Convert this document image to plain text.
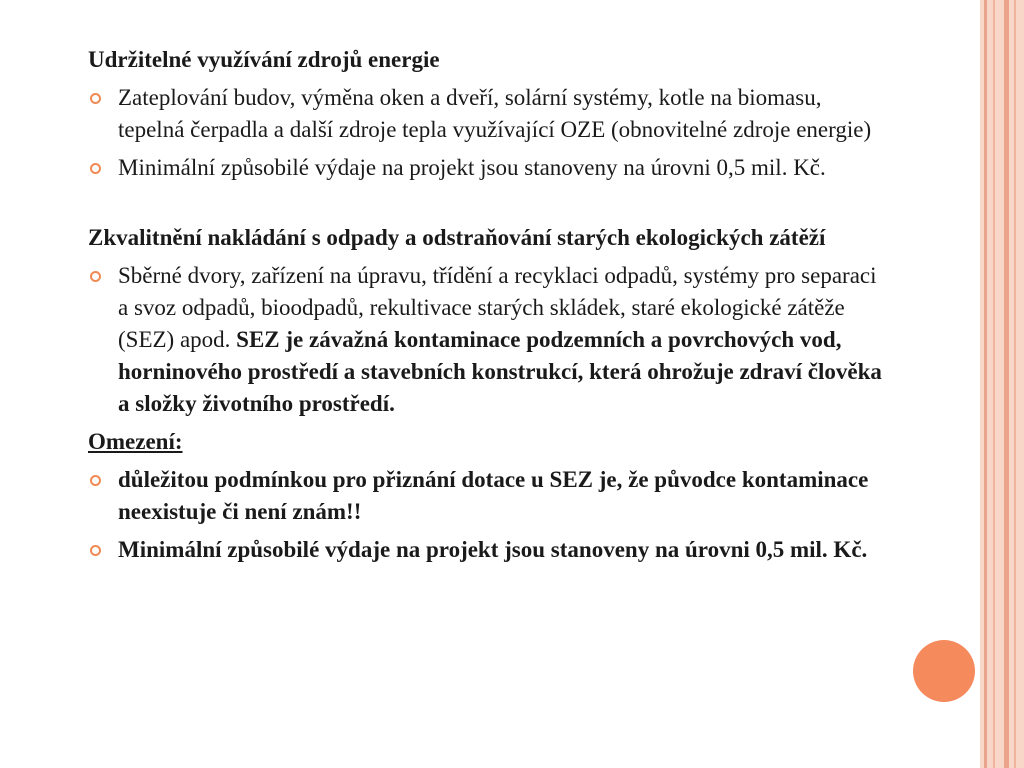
Udržitelné využívání zdrojů energie

Zateplování budov, výměna oken a dveří, solární systémy, kotle na biomasu, tepelná čerpadla a další zdroje tepla využívající OZE (obnovitelné zdroje energie)

Minimální způsobilé výdaje na projekt jsou stanoveny na úrovni 0,5 mil. Kč.

Zkvalitnění nakládání s odpady a odstraňování starých ekologických zátěží

Sběrné dvory, zařízení na úpravu, třídění a recyklaci odpadů, systémy pro separaci a svoz odpadů, bioodpadů, rekultivace starých skládek, staré ekologické zátěže (SEZ) apod. SEZ je závažná kontaminace podzemních a povrchových vod, horninového prostředí a stavebních konstrukcí, která ohrožuje zdraví člověka a složky životního prostředí.

Omezení:

důležitou podmínkou pro přiznání dotace u SEZ je, že původce kontaminace neexistuje či není znám!!

Minimální způsobilé výdaje na projekt jsou stanoveny na úrovni 0,5 mil. Kč.
